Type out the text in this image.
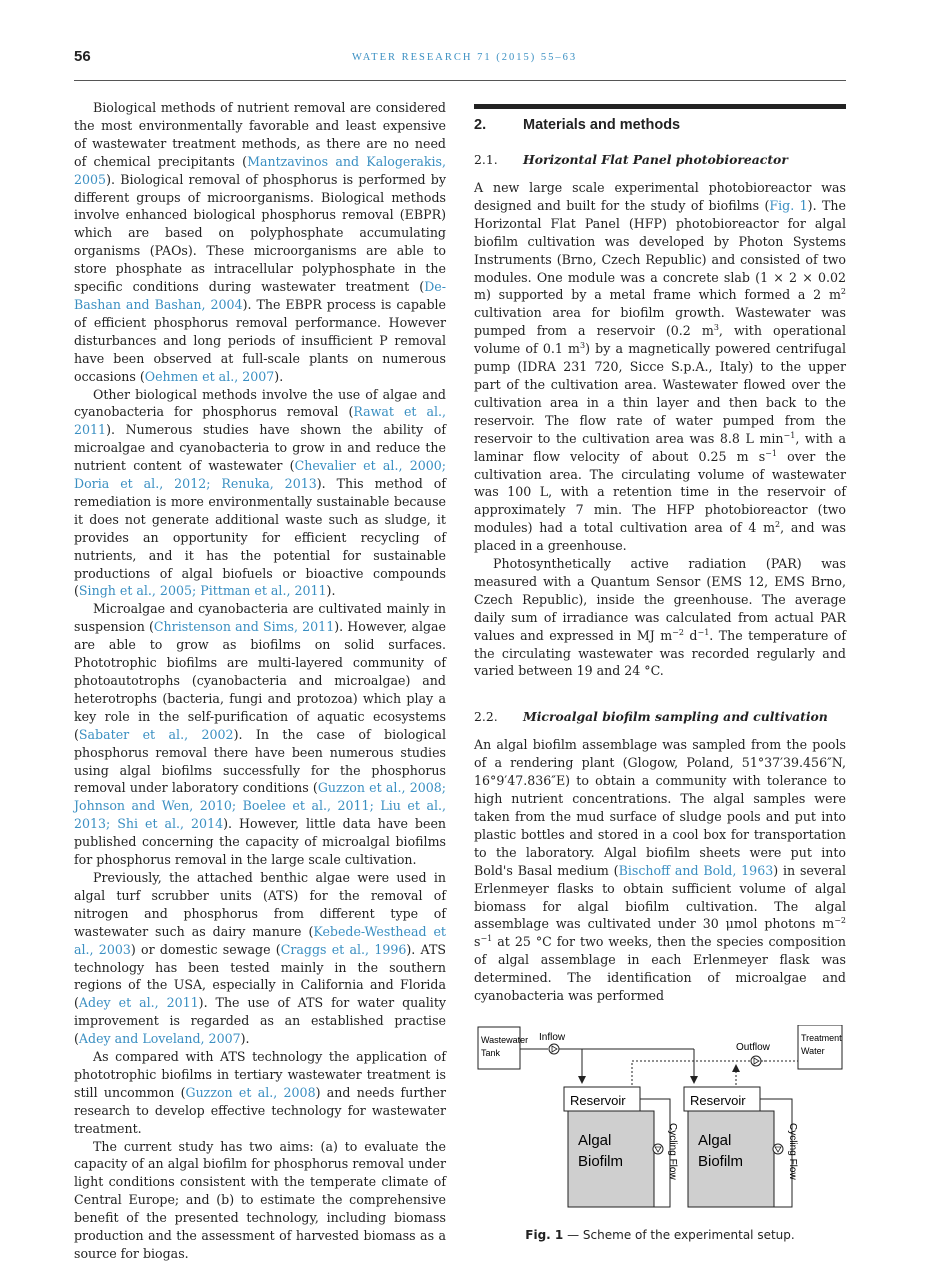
56	WATER RESEARCH 71 (2015) 55–63

Biological methods of nutrient removal are considered the most environmentally favorable and least expensive of wastewater treatment methods, as there are no need of chemical precipitants (Mantzavinos and Kalogerakis, 2005). Biological removal of phosphorus is performed by different groups of microorganisms. Biological methods involve enhanced biological phosphorus removal (EBPR) which are based on polyphosphate accumulating organisms (PAOs). These microorganisms are able to store phosphate as intracellular polyphosphate in the specific conditions during wastewater treatment (De-Bashan and Bashan, 2004). The EBPR process is capable of efficient phosphorus removal performance. However disturbances and long periods of insufficient P removal have been observed at full-scale plants on numerous occasions (Oehmen et al., 2007).

Other biological methods involve the use of algae and cyanobacteria for phosphorus removal (Rawat et al., 2011). Numerous studies have shown the ability of microalgae and cyanobacteria to grow in and reduce the nutrient content of wastewater (Chevalier et al., 2000; Doria et al., 2012; Renuka, 2013). This method of remediation is more environmentally sustainable because it does not generate additional waste such as sludge, it provides an opportunity for efficient recycling of nutrients, and it has the potential for sustainable productions of algal biofuels or bioactive compounds (Singh et al., 2005; Pittman et al., 2011).

Microalgae and cyanobacteria are cultivated mainly in suspension (Christenson and Sims, 2011). However, algae are able to grow as biofilms on solid surfaces. Phototrophic biofilms are multi-layered community of photoautotrophs (cyanobacteria and microalgae) and heterotrophs (bacteria, fungi and protozoa) which play a key role in the self-purification of aquatic ecosystems (Sabater et al., 2002). In the case of biological phosphorus removal there have been numerous studies using algal biofilms successfully for the phosphorus removal under laboratory conditions (Guzzon et al., 2008; Johnson and Wen, 2010; Boelee et al., 2011; Liu et al., 2013; Shi et al., 2014). However, little data have been published concerning the capacity of microalgal biofilms for phosphorus removal in the large scale cultivation.

Previously, the attached benthic algae were used in algal turf scrubber units (ATS) for the removal of nitrogen and phosphorus from different type of wastewater such as dairy manure (Kebede-Westhead et al., 2003) or domestic sewage (Craggs et al., 1996). ATS technology has been tested mainly in the southern regions of the USA, especially in California and Florida (Adey et al., 2011). The use of ATS for water quality improvement is regarded as an established practise (Adey and Loveland, 2007).

As compared with ATS technology the application of phototrophic biofilms in tertiary wastewater treatment is still uncommon (Guzzon et al., 2008) and needs further research to develop effective technology for wastewater treatment.

The current study has two aims: (a) to evaluate the capacity of an algal biofilm for phosphorus removal under light conditions consistent with the temperate climate of Central Europe; and (b) to estimate the comprehensive benefit of the presented technology, including biomass production and the assessment of harvested biomass as a source for biogas.

2.	Materials and methods
2.1. Horizontal Flat Panel photobioreactor

A new large scale experimental photobioreactor was designed and built for the study of biofilms (Fig. 1). The Horizontal Flat Panel (HFP) photobioreactor for algal biofilm cultivation was developed by Photon Systems Instruments (Brno, Czech Republic) and consisted of two modules. One module was a concrete slab (1 × 2 × 0.02 m) supported by a metal frame which formed a 2 $m^2$ cultivation area for biofilm growth. Wastewater was pumped from a reservoir (0.2 $m^3$, with operational volume of 0.1 $m^3$) by a magnetically powered centrifugal pump (IDRA 231 720, Sicce S.p.A., Italy) to the upper part of the cultivation area. Wastewater flowed over the cultivation area in a thin layer and then back to the reservoir. The flow rate of water pumped from the reservoir to the cultivation area was 8.8 L $\min^{-1}$, with a laminar flow velocity of about 0.25 m $s^{-1}$ over the cultivation area. The circulating volume of wastewater was 100 L, with a retention time in the reservoir of approximately 7 min. The HFP photobioreactor (two modules) had a total cultivation area of 4 $m^2$, and was placed in a greenhouse.

Photosynthetically active radiation (PAR) was measured with a Quantum Sensor (EMS 12, EMS Brno, Czech Republic), inside the greenhouse. The average daily sum of irradiance was calculated from actual PAR values and expressed in MJ $m^{-2}$ $d^{-1}$. The temperature of the circulating wastewater was recorded regularly and varied between 19 and 24 °C.

2.2. Microalgal biofilm sampling and cultivation

An algal biofilm assemblage was sampled from the pools of a rendering plant (Glogow, Poland, 51°37′39.456″N, 16°9′47.836″E) to obtain a community with tolerance to high nutrient concentrations. The algal samples were taken from the mud surface of sludge pools and put into plastic bottles and stored in a cool box for transportation to the laboratory. Algal biofilm sheets were put into Bold's Basal medium (Bischoff and Bold, 1963) in several Erlenmeyer flasks to obtain sufficient volume of algal biomass for algal biofilm cultivation. The algal assemblage was cultivated under 30 μmol photons $m^{-2}$ $s^{-1}$ at 25 °C for two weeks, then the species composition of algal assemblage in each Erlenmeyer flask was determined. The identification of microalgae and cyanobacteria was performed

Wastewater
Tank
Inflow
Outflow
Treatment
Water
Reservoir
Algal
Biofilm	Cycling Flow
Reservoir
Algal
Biofilm	Cycling Flow
Fig. 1 — Scheme of the experimental setup.
